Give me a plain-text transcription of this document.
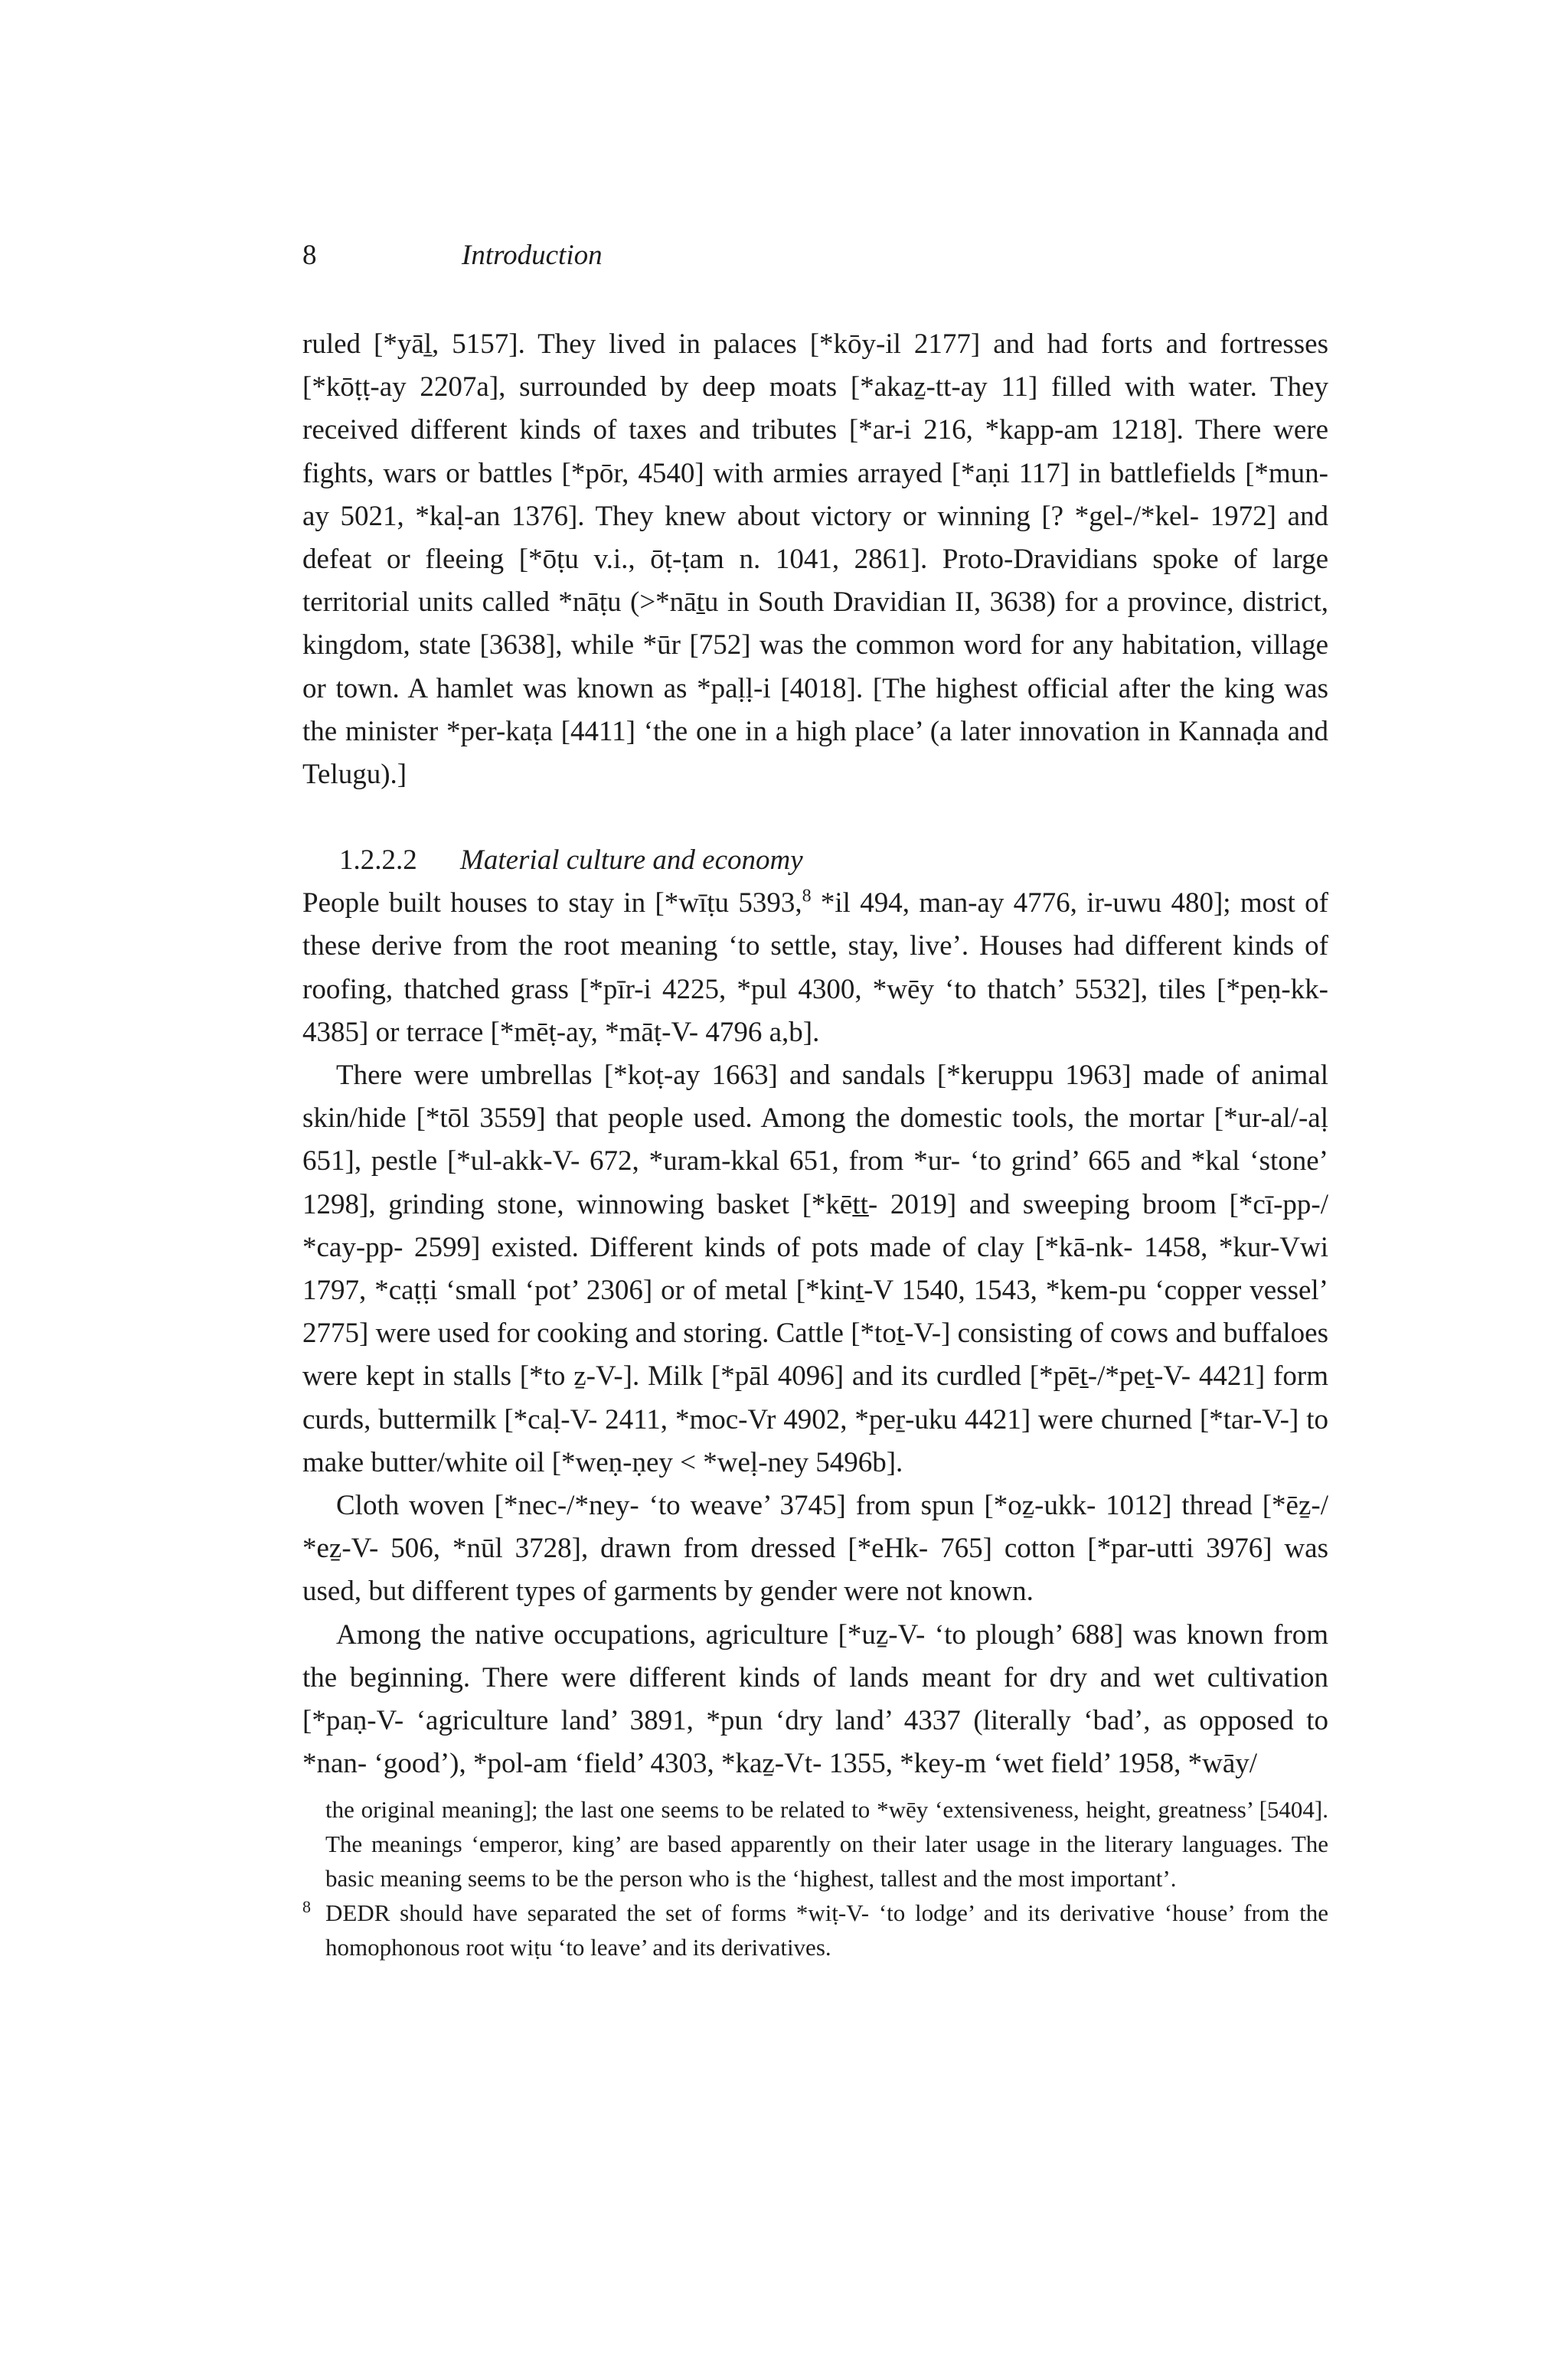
8	Introduction

ruled [*yāḻ, 5157]. They lived in palaces [*kōy-il 2177] and had forts and fortresses [*kōṭṭ-ay 2207a], surrounded by deep moats [*akaẕ-tt-ay 11] filled with water. They received different kinds of taxes and tributes [*ar-i 216, *kapp-am 1218]. There were fights, wars or battles [*pōr, 4540] with armies arrayed [*aṇi 117] in battlefields [*mun-ay 5021, *kaḷ-an 1376]. They knew about victory or winning [? *gel-/*kel- 1972] and defeat or fleeing [*ōṭu v.i., ōṭ-ṭam n. 1041, 2861]. Proto-Dravidians spoke of large territorial units called *nāṭu (>*nāṯu in South Dravidian II, 3638) for a province, district, kingdom, state [3638], while *ūr [752] was the common word for any habitation, village or town. A hamlet was known as *paḷḷ-i [4018]. [The highest official after the king was the minister *per-kaṭa [4411] ‘the one in a high place’ (a later innovation in Kannaḍa and Telugu).]

1.2.2.2 Material culture and economy

People built houses to stay in [*wīṭu 5393,$^8$ *il 494, man-ay 4776, ir-uwu 480]; most of these derive from the root meaning ‘to settle, stay, live’. Houses had different kinds of roofing, thatched grass [*pīr-i 4225, *pul 4300, *wēy ‘to thatch’ 5532], tiles [*peṇ-kk- 4385] or terrace [*mēṭ-ay, *māṭ-V- 4796 a,b].

There were umbrellas [*koṭ-ay 1663] and sandals [*keruppu 1963] made of animal skin/hide [*tōl 3559] that people used. Among the domestic tools, the mortar [*ur-al/-aḷ 651], pestle [*ul-akk-V- 672, *uram-kkal 651, from *ur- ‘to grind’ 665 and *kal ‘stone’ 1298], grinding stone, winnowing basket [*kēṯṯ- 2019] and sweeping broom [*cī-pp-/ *cay-pp- 2599] existed. Different kinds of pots made of clay [*kā-nk- 1458, *kur-Vwi 1797, *caṭṭi ‘small ‘pot’ 2306] or of metal [*kinṯ-V 1540, 1543, *kem-pu ‘copper vessel’ 2775] were used for cooking and storing. Cattle [*toṯ-V-] consisting of cows and buffaloes were kept in stalls [*to ẕ-V-]. Milk [*pāl 4096] and its curdled [*pēṯ-/*peṯ-V- 4421] form curds, buttermilk [*caḷ-V- 2411, *moc-Vr 4902, *peṟ-uku 4421] were churned [*tar-V-] to make butter/white oil [*weṇ-ṇey < *weḷ-ney 5496b].

Cloth woven [*nec-/*ney- ‘to weave’ 3745] from spun [*oẕ-ukk- 1012] thread [*ēẕ-/ *eẕ-V- 506, *nūl 3728], drawn from dressed [*eHk- 765] cotton [*par-utti 3976] was used, but different types of garments by gender were not known.

Among the native occupations, agriculture [*uẕ-V- ‘to plough’ 688] was known from the beginning. There were different kinds of lands meant for dry and wet cultivation [*paṇ-V- ‘agriculture land’ 3891, *pun ‘dry land’ 4337 (literally ‘bad’, as opposed to *nan- ‘good’), *pol-am ‘field’ 4303, *kaẕ-Vt- 1355, *key-m ‘wet field’ 1958, *wāy/

the original meaning]; the last one seems to be related to *wēy ‘extensiveness, height, greatness’ [5404]. The meanings ‘emperor, king’ are based apparently on their later usage in the literary languages. The basic meaning seems to be the person who is the ‘highest, tallest and the most important’.

8 DEDR should have separated the set of forms *wiṭ-V- ‘to lodge’ and its derivative ‘house’ from the homophonous root wiṭu ‘to leave’ and its derivatives.
